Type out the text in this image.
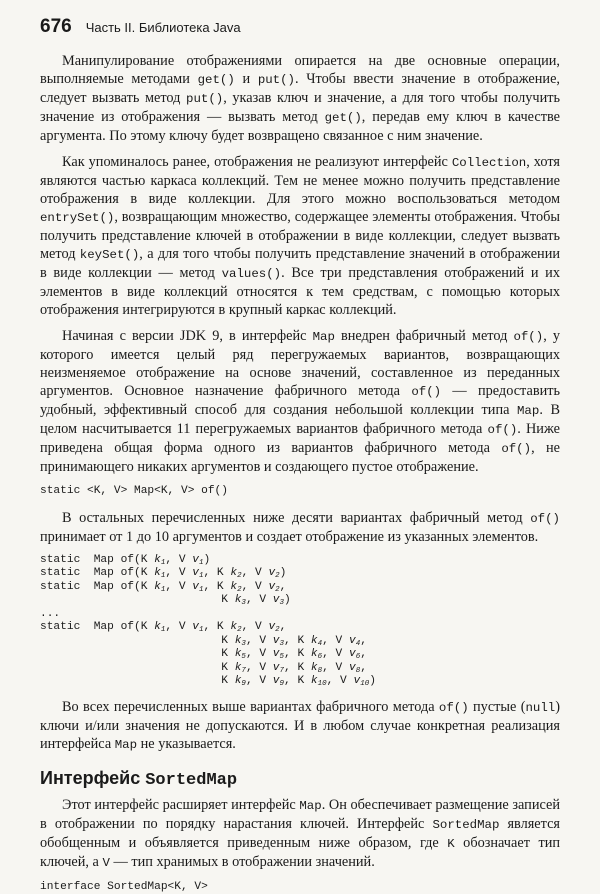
676 Часть II. Библиотека Java

Манипулирование отображениями опирается на две основные операции, выполняемые методами get() и put(). Чтобы ввести значение в отображение, следует вызвать метод put(), указав ключ и значение, а для того чтобы получить значение из отображения — вызвать метод get(), передав ему ключ в качестве аргумента. По этому ключу будет возвращено связанное с ним значение.

Как упоминалось ранее, отображения не реализуют интерфейс Collection, хотя являются частью каркаса коллекций. Тем не менее можно получить представление отображения в виде коллекции. Для этого можно воспользоваться методом entrySet(), возвращающим множество, содержащее элементы отображения. Чтобы получить представление ключей в отображении в виде коллекции, следует вызвать метод keySet(), а для того чтобы получить представление значений в отображении в виде коллекции — метод values(). Все три представления отображений и их элементов в виде коллекций относятся к тем средствам, с помощью которых отображения интегрируются в крупный каркас коллекций.

Начиная с версии JDK 9, в интерфейс Map внедрен фабричный метод of(), у которого имеется целый ряд перегружаемых вариантов, возвращающих неизменяемое отображение на основе значений, составленное из переданных аргументов. Основное назначение фабричного метода of() — предоставить удобный, эффективный способ для создания небольшой коллекции типа Map. В целом насчитывается 11 перегружаемых вариантов фабричного метода of(). Ниже приведена общая форма одного из вариантов фабричного метода of(), не принимающего никаких аргументов и создающего пустое отображение.

static <K, V> Map<K, V> of()

В остальных перечисленных ниже десяти вариантах фабричный метод of() принимает от 1 до 10 аргументов и создает отображение из указанных элементов.

static  Map of(K $k_1$, V $v_1$)
static  Map of(K $k_1$, V $v_1$, K $k_2$, V $v_2$)
static  Map of(K $k_1$, V $v_1$, K $k_2$, V $v_2$,
K $k_3$, V $v_3$)
...
static  Map of(K $k_1$, V $v_1$, K $k_2$, V $v_2$,
K $k_3$, V $v_3$, K $k_4$, V $v_4$,
K $k_5$, V $v_5$, K $k_6$, V $v_6$,
K $k_7$, V $v_7$, K $k_8$, V $v_8$,
K $k_9$, V $v_9$, K $k_{10}$, V $v_{10}$)

Во всех перечисленных выше вариантах фабричного метода of() пустые (null) ключи и/или значения не допускаются. И в любом случае конкретная реализация интерфейса Map не указывается.

Интерфейс SortedMap

Этот интерфейс расширяет интерфейс Map. Он обеспечивает размещение записей в отображении по порядку нарастания ключей. Интерфейс SortedMap является обобщенным и объявляется приведенным ниже образом, где K обозначает тип ключей, а V — тип хранимых в отображении значений.

interface SortedMap<K, V>
